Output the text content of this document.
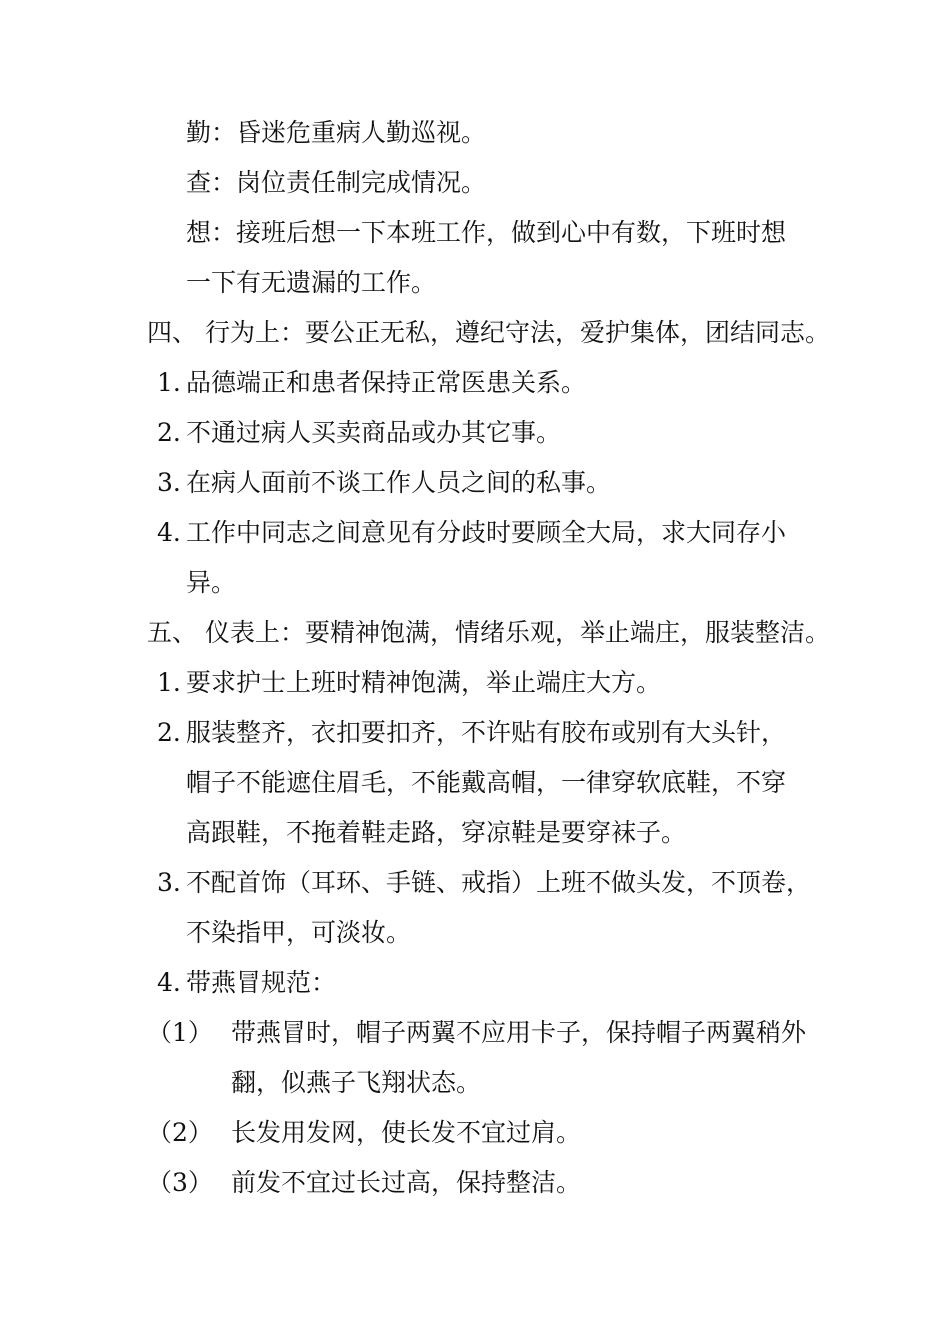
勤：昏迷危重病人勤巡视。
查：岗位责任制完成情况。
想：接班后想一下本班工作，做到心中有数，下班时想
一下有无遗漏的工作。
四、 行为上：要公正无私，遵纪守法，爱护集体，团结同志。
1. 品德端正和患者保持正常医患关系。
2. 不通过病人买卖商品或办其它事。
3. 在病人面前不谈工作人员之间的私事。
4. 工作中同志之间意见有分歧时要顾全大局，求大同存小
异。
五、 仪表上：要精神饱满，情绪乐观，举止端庄，服装整洁。
1. 要求护士上班时精神饱满，举止端庄大方。
2. 服装整齐，衣扣要扣齐，不许贴有胶布或别有大头针，
帽子不能遮住眉毛，不能戴高帽，一律穿软底鞋，不穿
高跟鞋，不拖着鞋走路，穿凉鞋是要穿袜子。
3. 不配首饰（耳环、手链、戒指）上班不做头发，不顶卷，
不染指甲，可淡妆。
4. 带燕冒规范：
（1） 带燕冒时，帽子两翼不应用卡子，保持帽子两翼稍外
翻，似燕子飞翔状态。
（2） 长发用发网，使长发不宜过肩。
（3） 前发不宜过长过高，保持整洁。
